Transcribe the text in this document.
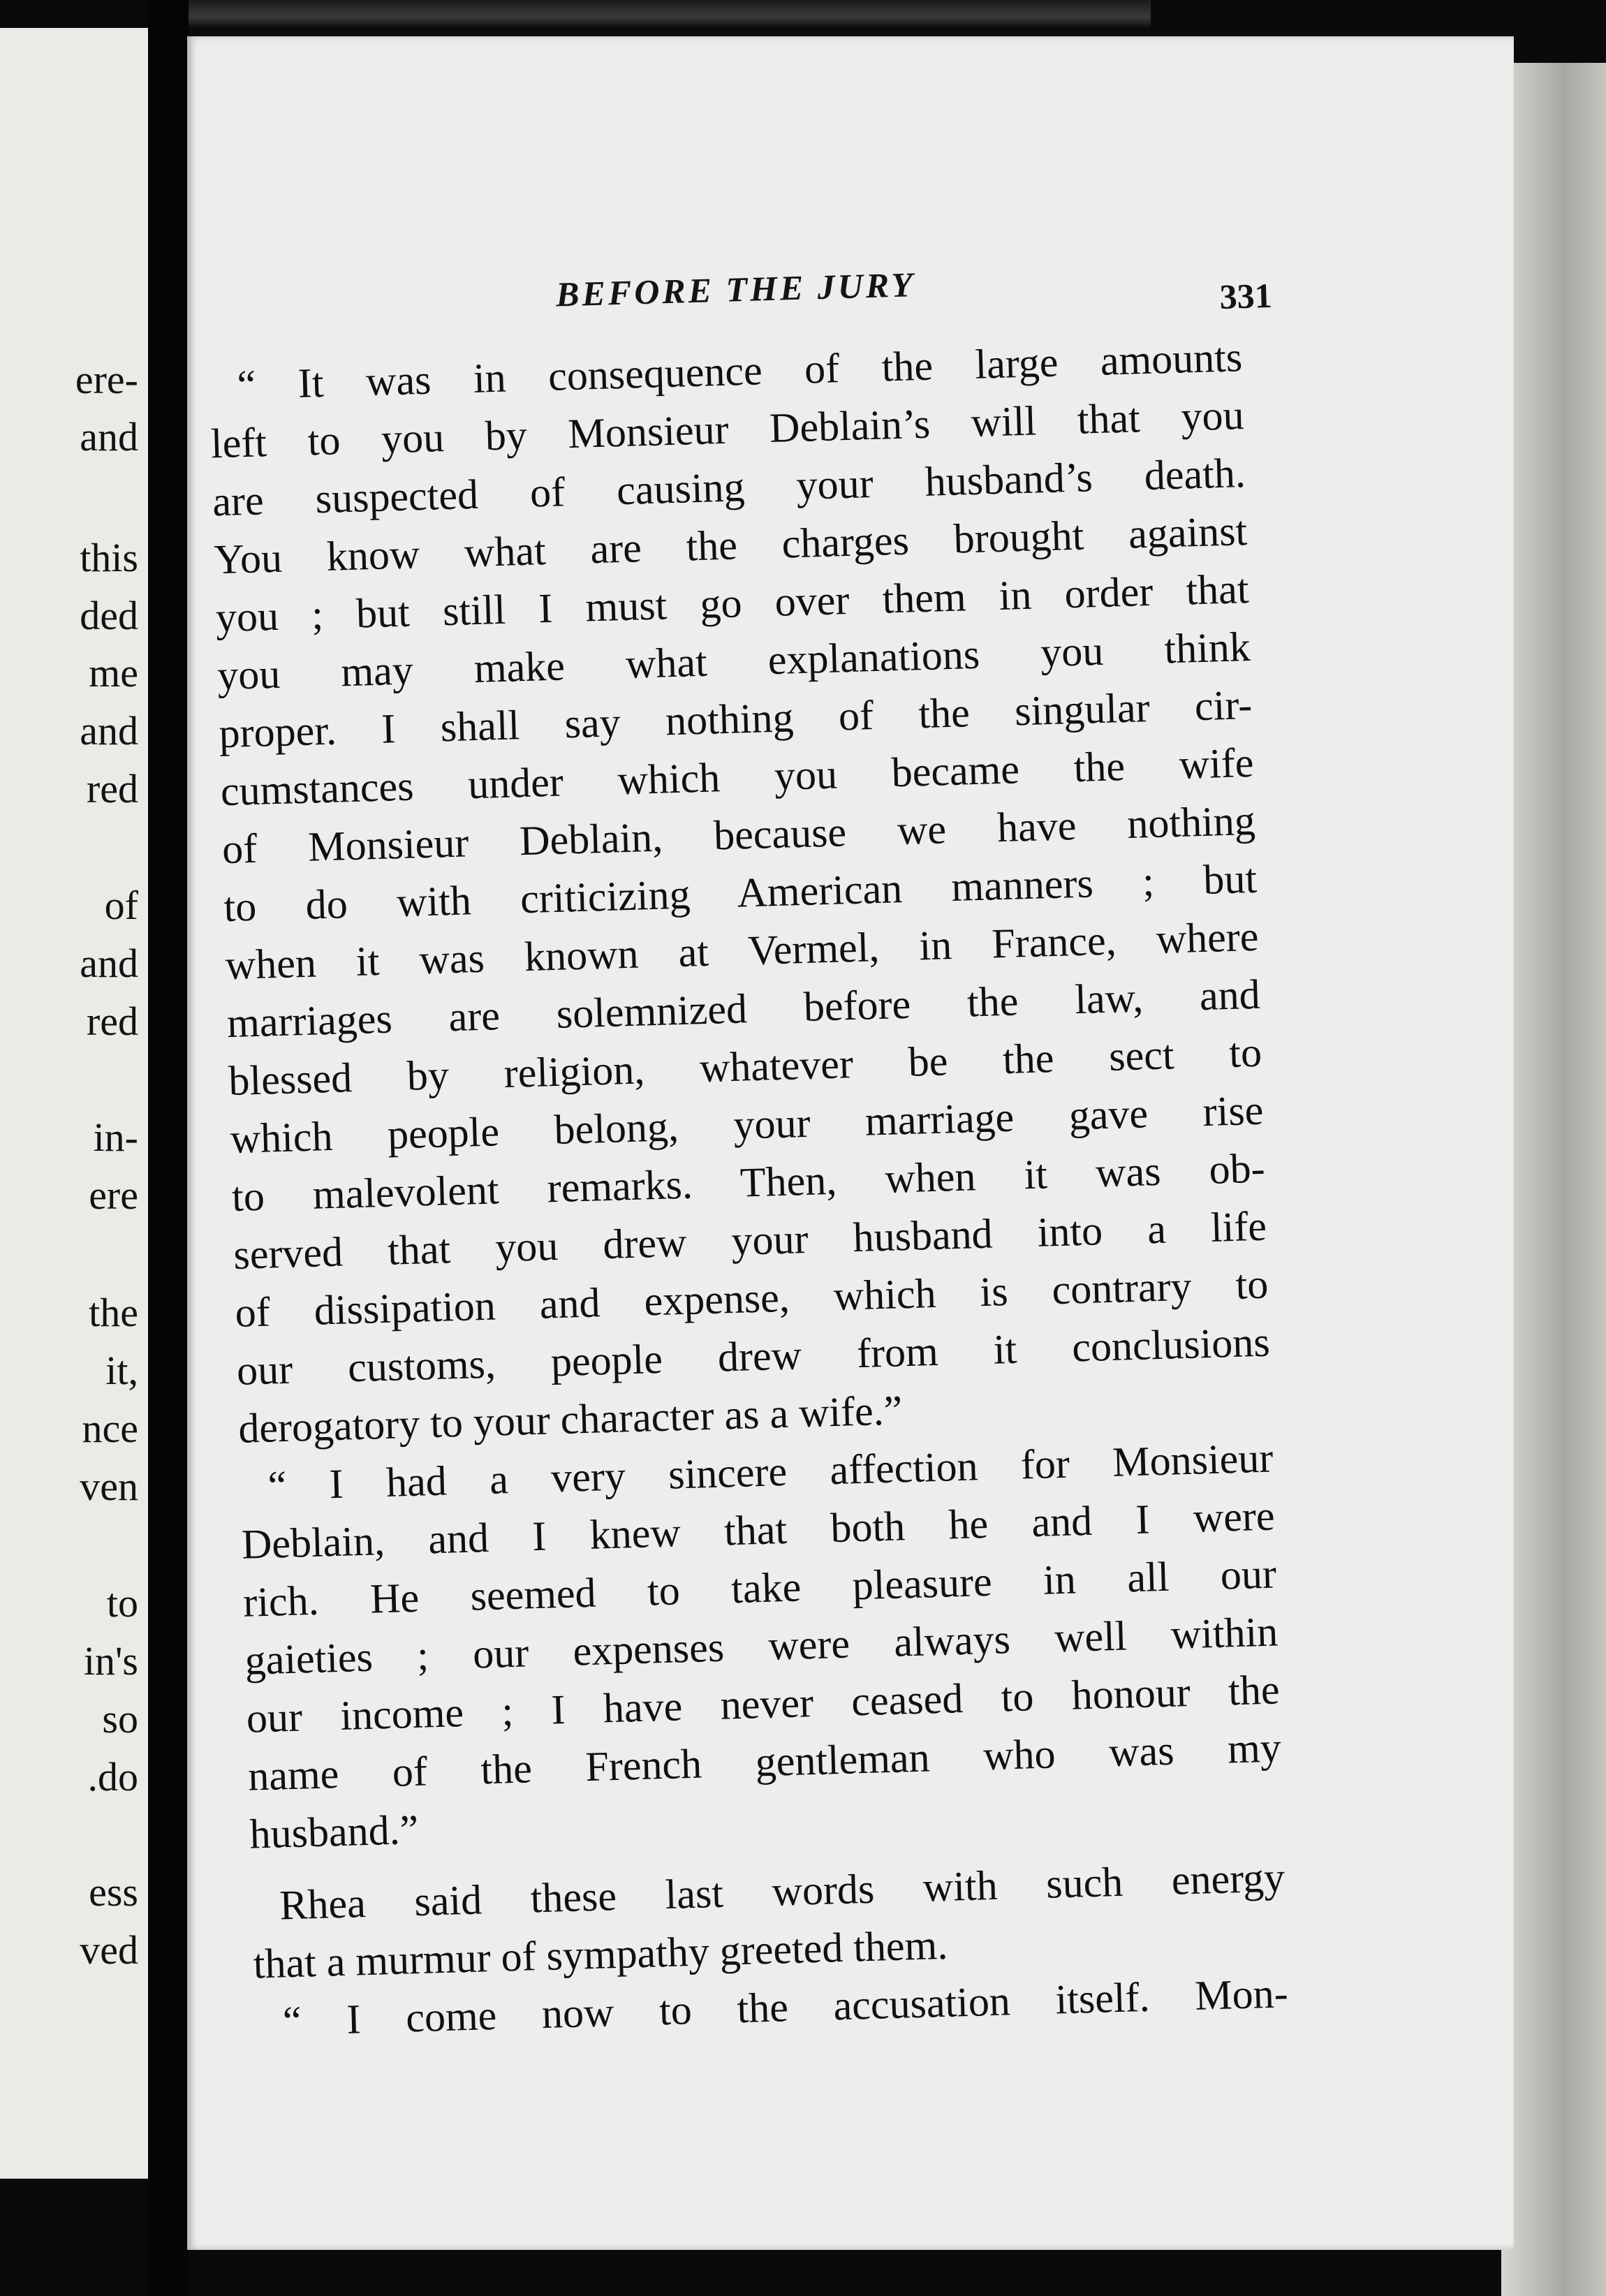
ere-
and
this
ded
me
and
red
of
and
red
in-
ere
the
it,
nce
ven
to
in's
so
.do
ess
ved
BEFORE THE JURY	331
“ It was in consequence of the large amounts
left to you by Monsieur Deblain’s will that you
are suspected of causing your husband’s death.
You know what are the charges brought against
you ; but still I must go over them in order that
you may make what explanations you think
proper. I shall say nothing of the singular cir-
cumstances under which you became the wife
of Monsieur Deblain, because we have nothing
to do with criticizing American manners ; but
when it was known at Vermel, in France, where
marriages are solemnized before the law, and
blessed by religion, whatever be the sect to
which people belong, your marriage gave rise
to malevolent remarks. Then, when it was ob-
served that you drew your husband into a life
of dissipation and expense, which is contrary to
our customs, people drew from it conclusions
derogatory to your character as a wife.”
“ I had a very sincere affection for Monsieur
Deblain, and I knew that both he and I were
rich. He seemed to take pleasure in all our
gaieties ; our expenses were always well within
our income ; I have never ceased to honour the
name of the French gentleman who was my
husband.”
Rhea said these last words with such energy
that a murmur of sympathy greeted them.
“ I come now to the accusation itself. Mon-
